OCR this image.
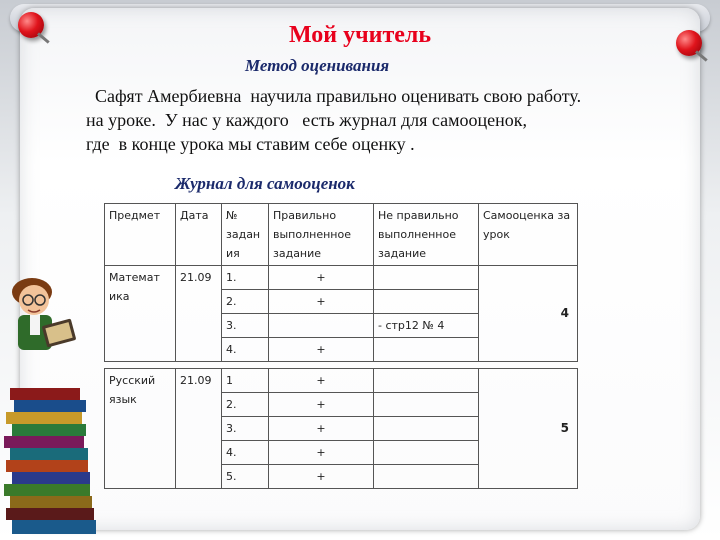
Мой учитель
Метод оценивания
Сафят Амербиевна  научила правильно оценивать свою работу.
на уроке.  У нас у каждого   есть журнал для самооценок,
где  в конце урока мы ставим себе оценку .
Журнал для самооценок
Предмет	Дата	№ задан ия	Правильно выполненное задание	Не правильно выполненное задание	Самооценка за урок
Математ ика	21.09	1.	+		4
		2.	+		
		3.		- стр12 № 4	
		4.	+		

Русский язык	21.09	1	+		5
		2.	+		
		3.	+		
		4.	+		
		5.	+		
